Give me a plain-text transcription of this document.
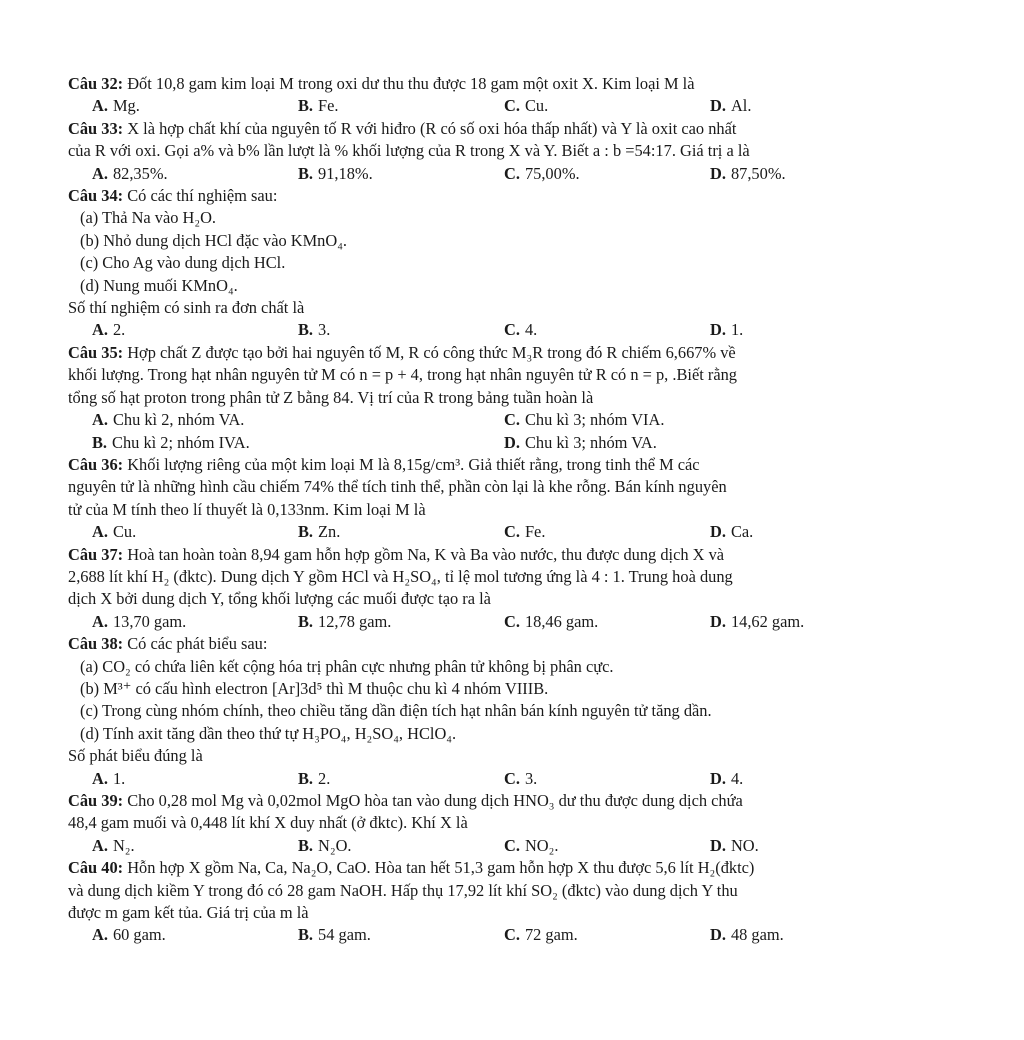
Câu 32: Đốt 10,8 gam kim loại M trong oxi dư thu thu được 18 gam một oxit X. Kim loại M là
A. Mg.	B. Fe.	C. Cu.	D. Al.
Câu 33: X là hợp chất khí của nguyên tố R với hiđro (R có số oxi hóa thấp nhất) và Y là oxit cao nhất
của R với oxi. Gọi a% và b% lần lượt là % khối lượng của R trong X và Y. Biết a : b =54:17. Giá trị a là
A. 82,35%.	B. 91,18%.	C. 75,00%.	D. 87,50%.
Câu 34: Có các thí nghiệm sau:
(a) Thả Na vào H₂O.
(b) Nhỏ dung dịch HCl đặc vào KMnO₄.
(c) Cho Ag vào dung dịch HCl.
(d) Nung muối KMnO₄.
Số thí nghiệm có sinh ra đơn chất là
A. 2.	B. 3.	C. 4.	D. 1.
Câu 35: Hợp chất Z được tạo bởi hai nguyên tố M, R có công thức M₃R trong đó R chiếm 6,667% về
khối lượng. Trong hạt nhân nguyên tử M có n = p + 4, trong hạt nhân nguyên tử R có n = p, .Biết rằng
tổng số hạt proton trong phân tử Z bằng 84. Vị trí của R trong bảng tuần hoàn là
A. Chu kì 2, nhóm VA.	C. Chu kì 3; nhóm VIA.
B. Chu kì 2; nhóm IVA.	D. Chu kì 3; nhóm VA.
Câu 36: Khối lượng riêng của một kim loại M là 8,15g/cm³. Giả thiết rằng, trong tinh thể M các
nguyên tử là những hình cầu chiếm 74% thể tích tinh thể, phần còn lại là khe rỗng. Bán kính nguyên
tử của M tính theo lí thuyết là 0,133nm. Kim loại M là
A. Cu.	B. Zn.	C. Fe.	D. Ca.
Câu 37: Hoà tan hoàn toàn 8,94 gam hỗn hợp gồm Na, K và Ba vào nước, thu được dung dịch X và
2,688 lít khí H₂ (đktc). Dung dịch Y gồm HCl và H₂SO₄, tỉ lệ mol tương ứng là 4 : 1. Trung hoà dung
dịch X bởi dung dịch Y, tổng khối lượng các muối được tạo ra là
A. 13,70 gam.	B. 12,78 gam.	C. 18,46 gam.	D. 14,62 gam.
Câu 38: Có các phát biểu sau:
(a) CO₂ có chứa liên kết cộng hóa trị phân cực nhưng phân tử không bị phân cực.
(b) M³⁺ có cấu hình electron [Ar]3d⁵ thì M thuộc chu kì 4 nhóm VIIIB.
(c) Trong cùng nhóm chính, theo chiều tăng dần điện tích hạt nhân bán kính nguyên tử tăng dần.
(d) Tính axit tăng dần theo thứ tự H₃PO₄, H₂SO₄, HClO₄.
Số phát biểu đúng là
A. 1.	B. 2.	C. 3.	D. 4.
Câu 39: Cho 0,28 mol Mg và 0,02mol MgO hòa tan vào dung dịch HNO₃ dư thu được dung dịch chứa
48,4 gam muối và 0,448 lít khí X duy nhất (ở đktc). Khí X là
A. N₂.	B. N₂O.	C. NO₂.	D. NO.
Câu 40: Hỗn hợp X gồm Na, Ca, Na₂O, CaO. Hòa tan hết 51,3 gam hỗn hợp X thu được 5,6 lít H₂(đktc)
và dung dịch kiềm Y trong đó có 28 gam NaOH. Hấp thụ 17,92 lít khí SO₂ (đktc) vào dung dịch Y thu
được m gam kết tủa. Giá trị của m là
A. 60 gam.	B. 54 gam.	C. 72 gam.	D. 48 gam.
